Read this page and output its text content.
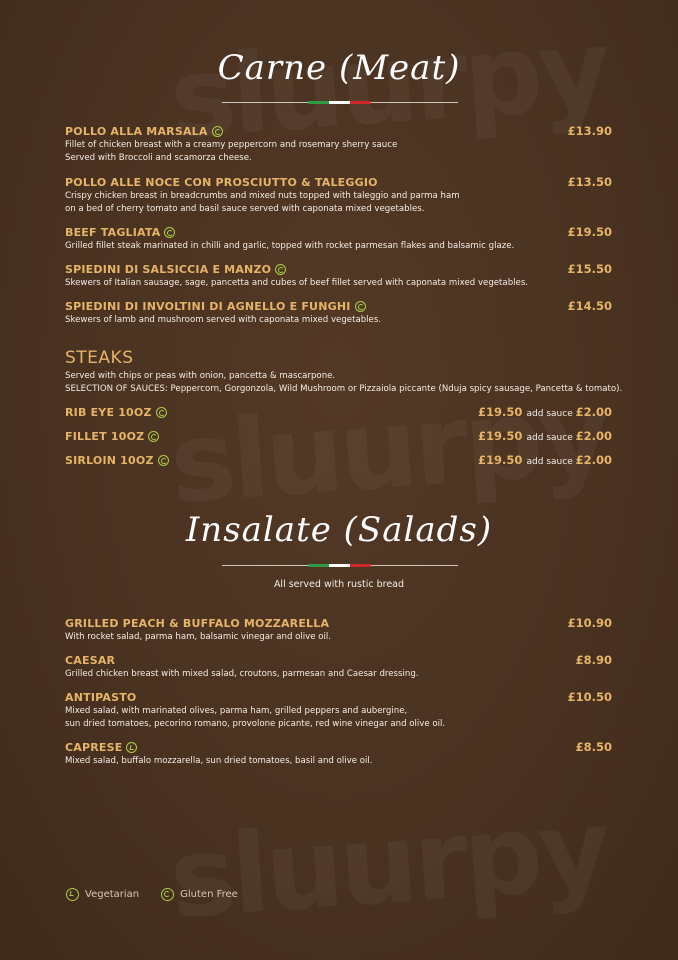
Carne (Meat)
POLLO ALLA MARSALA	£13.90
Fillet of chicken breast with a creamy peppercorn and rosemary sherry sauce
Served with Broccoli and scamorza cheese.
POLLO ALLE NOCE CON PROSCIUTTO & TALEGGIO	£13.50
Crispy chicken breast in breadcrumbs and mixed nuts topped with taleggio and parma ham
on a bed of cherry tomato and basil sauce served with caponata mixed vegetables.
BEEF TAGLIATA	£19.50
Grilled fillet steak marinated in chilli and garlic, topped with rocket parmesan flakes and balsamic glaze.
SPIEDINI DI SALSICCIA E MANZO	£15.50
Skewers of Italian sausage, sage, pancetta and cubes of beef fillet served with caponata mixed vegetables.
SPIEDINI DI INVOLTINI DI AGNELLO E FUNGHI	£14.50
Skewers of lamb and mushroom served with caponata mixed vegetables.
STEAKS
Served with chips or peas with onion, pancetta & mascarpone.
SELECTION OF SAUCES: Peppercorn, Gorgonzola, Wild Mushroom or Pizzaiola piccante (Nduja spicy sausage, Pancetta & tomato).
RIB EYE 10OZ	£19.50 add sauce £2.00
FILLET 10OZ	£19.50 add sauce £2.00
SIRLOIN 10OZ	£19.50 add sauce £2.00
Insalate (Salads)
All served with rustic bread
GRILLED PEACH & BUFFALO MOZZARELLA	£10.90
With rocket salad, parma ham, balsamic vinegar and olive oil.
CAESAR	£8.90
Grilled chicken breast with mixed salad, croutons, parmesan and Caesar dressing.
ANTIPASTO	£10.50
Mixed salad, with marinated olives, parma ham, grilled peppers and aubergine,
sun dried tomatoes, pecorino romano, provolone picante, red wine vinegar and olive oil.
CAPRESE	£8.50
Mixed salad, buffalo mozzarella, sun dried tomatoes, basil and olive oil.
Vegetarian	Gluten Free
